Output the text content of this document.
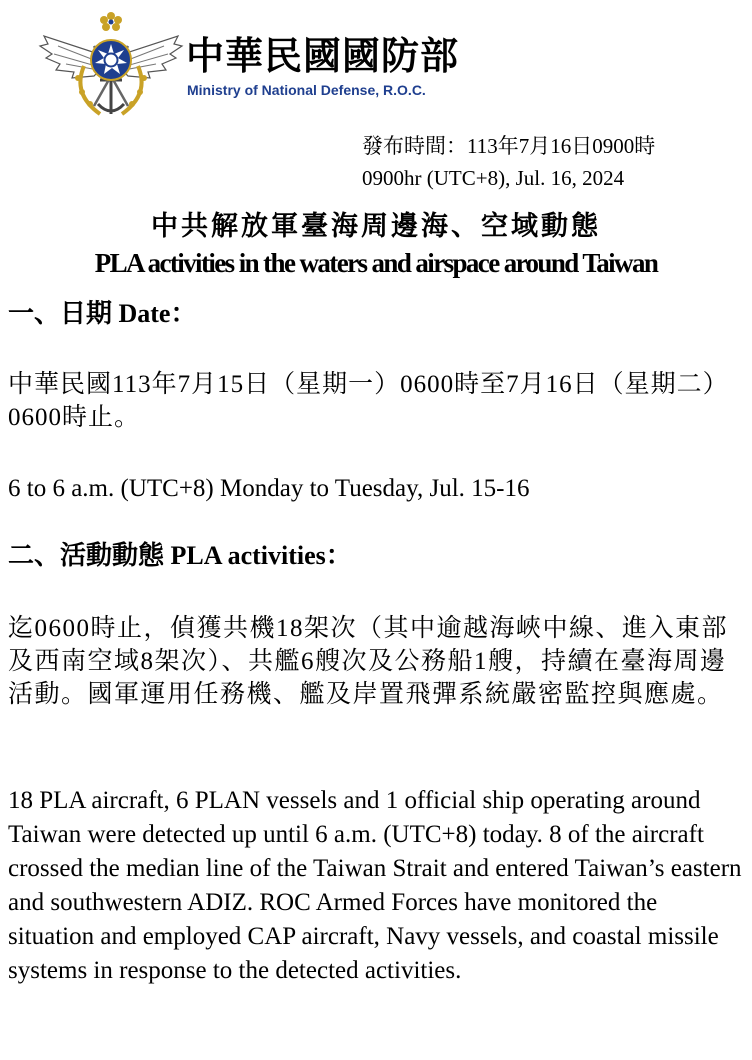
中華民國國防部
Ministry of National Defense, R.O.C.
發布時間：113年7月16日0900時
0900hr (UTC+8), Jul. 16, 2024
中共解放軍臺海周邊海、空域動態
PLA activities in the waters and airspace around Taiwan
一、日期 Date：
中華民國113年7月15日（星期一）0600時至7月16日（星期二）0600時止。
6 to 6 a.m. (UTC+8) Monday to Tuesday, Jul. 15-16
二、活動動態 PLA activities：
迄0600時止，偵獲共機18架次（其中逾越海峽中線、進入東部及西南空域8架次）、共艦6艘次及公務船1艘，持續在臺海周邊活動。國軍運用任務機、艦及岸置飛彈系統嚴密監控與應處。
18 PLA aircraft, 6 PLAN vessels and 1 official ship operating around Taiwan were detected up until 6 a.m. (UTC+8) today. 8 of the aircraft crossed the median line of the Taiwan Strait and entered Taiwan’s eastern and southwestern ADIZ. ROC Armed Forces have monitored the situation and employed CAP aircraft, Navy vessels, and coastal missile systems in response to the detected activities.
